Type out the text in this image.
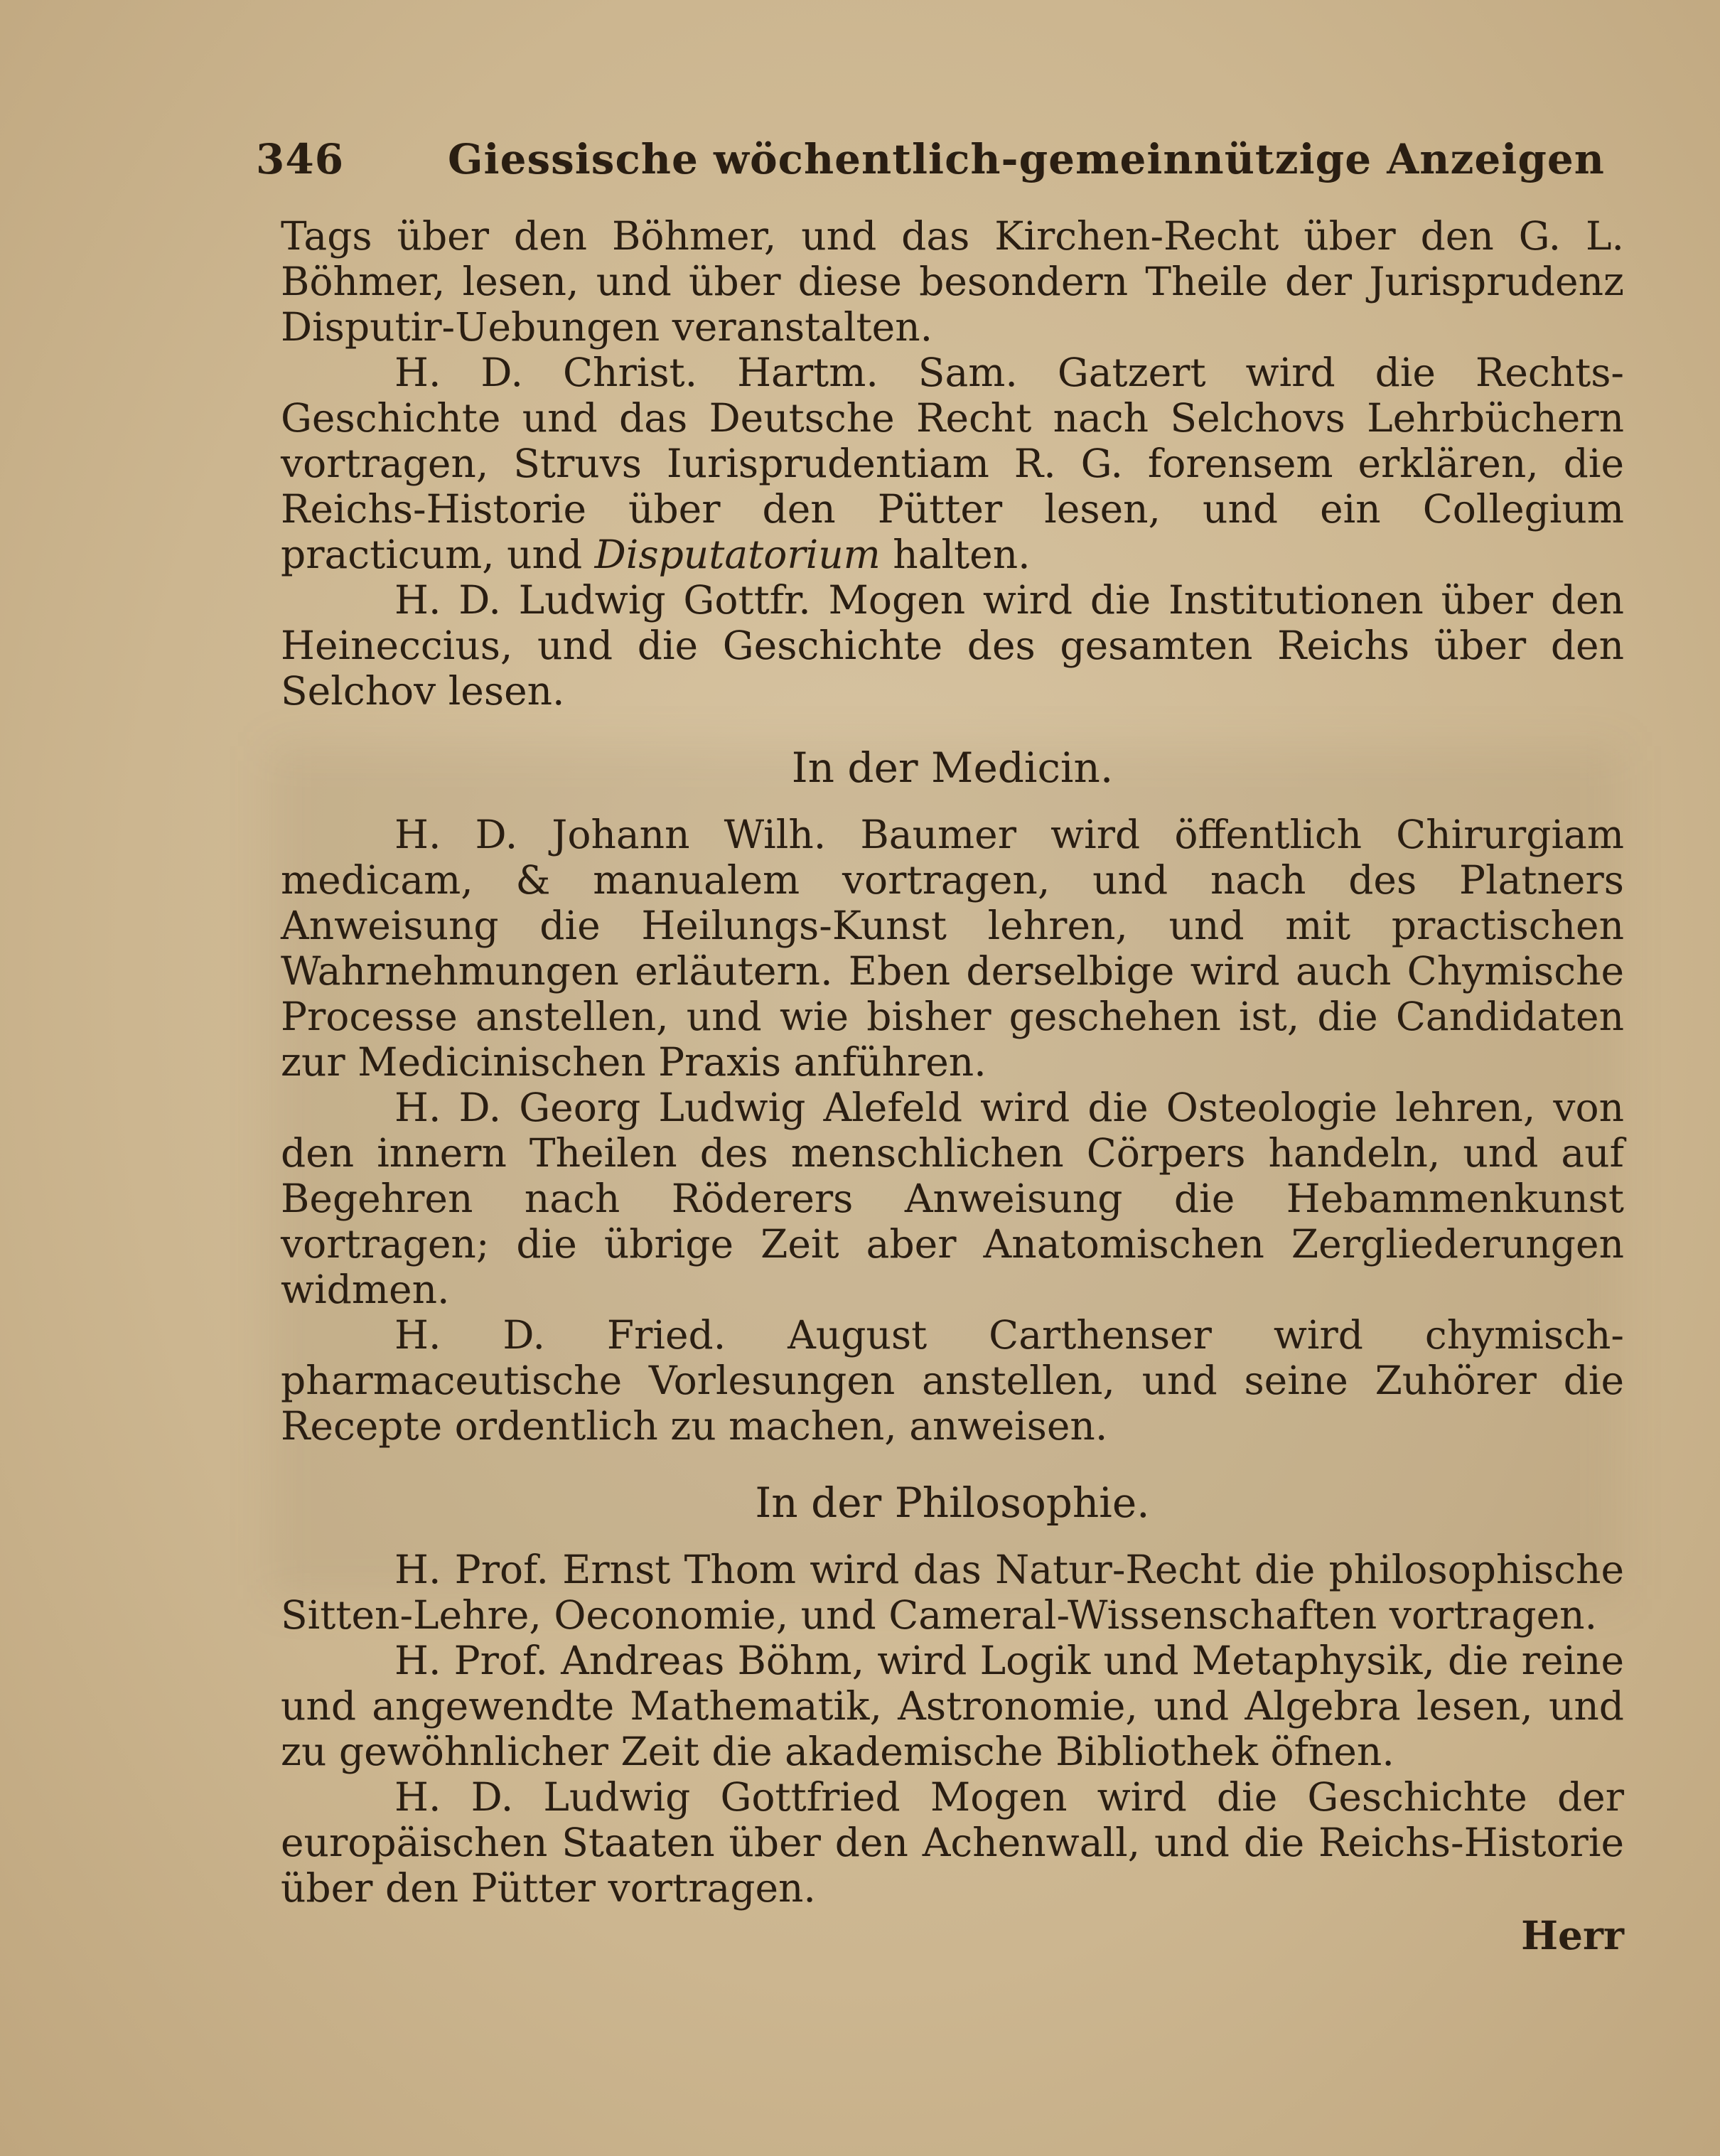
346	Giessische wöchentlich-gemeinnützige Anzeigen

Tags über den Böhmer, und das Kirchen-Recht über den G. L. Böhmer, lesen, und über diese besondern Theile der Jurisprudenz Disputir-Uebungen veranstalten.

H. D. Christ. Hartm. Sam. Gatzert wird die Rechts-Geschichte und das Deutsche Recht nach Selchovs Lehrbüchern vortragen, Struvs Iurisprudentiam R. G. forensem erklären, die Reichs-Historie über den Pütter lesen, und ein Collegium practicum, und Disputatorium halten.

H. D. Ludwig Gottfr. Mogen wird die Institutionen über den Heineccius, und die Geschichte des gesamten Reichs über den Selchov lesen.

In der Medicin.

H. D. Johann Wilh. Baumer wird öffentlich Chirurgiam medicam, & manualem vortragen, und nach des Platners Anweisung die Heilungs-Kunst lehren, und mit practischen Wahrnehmungen erläutern. Eben derselbige wird auch Chymische Processe anstellen, und wie bisher geschehen ist, die Candidaten zur Medicinischen Praxis anführen.

H. D. Georg Ludwig Alefeld wird die Osteologie lehren, von den innern Theilen des menschlichen Cörpers handeln, und auf Begehren nach Röderers Anweisung die Hebammenkunst vortragen; die übrige Zeit aber Anatomischen Zergliederungen widmen.

H. D. Fried. August Carthenser wird chymisch-pharmaceutische Vorlesungen anstellen, und seine Zuhörer die Recepte ordentlich zu machen, anweisen.

In der Philosophie.

H. Prof. Ernst Thom wird das Natur-Recht die philosophische Sitten-Lehre, Oeconomie, und Cameral-Wissenschaften vortragen.

H. Prof. Andreas Böhm, wird Logik und Metaphysik, die reine und angewendte Mathematik, Astronomie, und Algebra lesen, und zu gewöhnlicher Zeit die akademische Bibliothek öfnen.

H. D. Ludwig Gottfried Mogen wird die Geschichte der europäischen Staaten über den Achenwall, und die Reichs-Historie über den Pütter vortragen.

Herr
